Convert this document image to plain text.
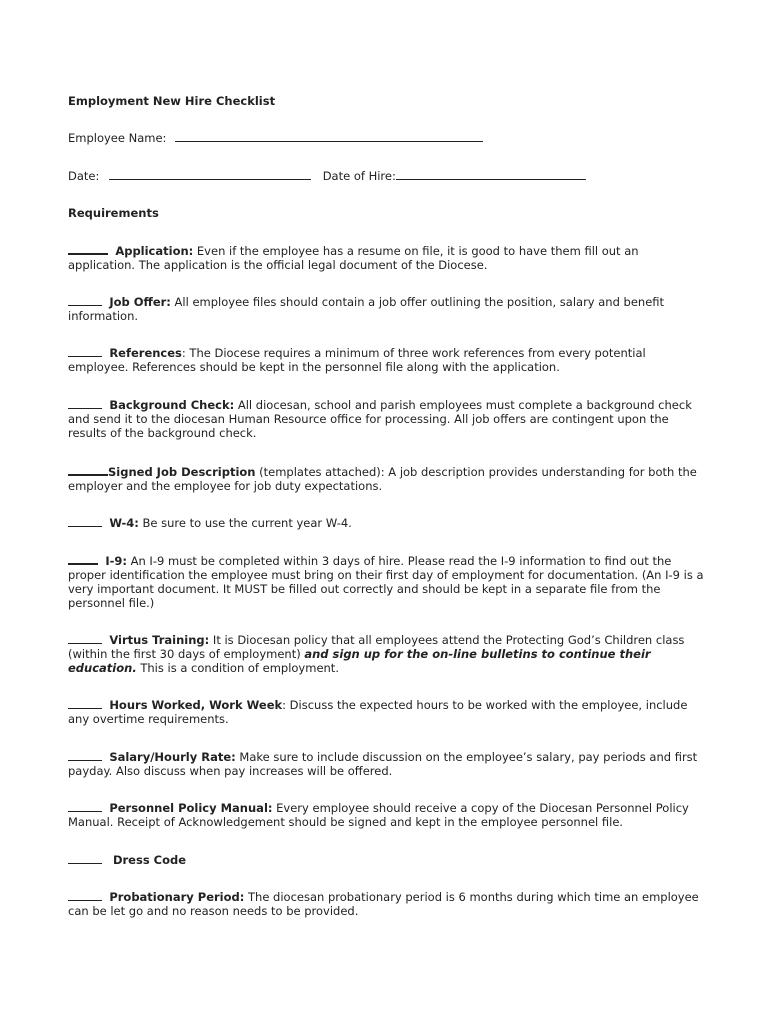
Employment New Hire Checklist
Employee Name:
Date:	Date of Hire:
Requirements

Application: Even if the employee has a resume on file, it is good to have them fill out an application. The application is the official legal document of the Diocese.

Job Offer: All employee files should contain a job offer outlining the position, salary and benefit information.

References: The Diocese requires a minimum of three work references from every potential employee. References should be kept in the personnel file along with the application.

Background Check: All diocesan, school and parish employees must complete a background check and send it to the diocesan Human Resource office for processing. All job offers are contingent upon the results of the background check.

Signed Job Description (templates attached): A job description provides understanding for both the employer and the employee for job duty expectations.

W-4: Be sure to use the current year W-4.

I-9: An I-9 must be completed within 3 days of hire. Please read the I-9 information to find out the proper identification the employee must bring on their first day of employment for documentation. (An I-9 is a very important document. It MUST be filled out correctly and should be kept in a separate file from the personnel file.)

Virtus Training: It is Diocesan policy that all employees attend the Protecting God’s Children class (within the first 30 days of employment) and sign up for the on-line bulletins to continue their education. This is a condition of employment.

Hours Worked, Work Week: Discuss the expected hours to be worked with the employee, include any overtime requirements.

Salary/Hourly Rate: Make sure to include discussion on the employee’s salary, pay periods and first payday. Also discuss when pay increases will be offered.

Personnel Policy Manual: Every employee should receive a copy of the Diocesan Personnel Policy Manual. Receipt of Acknowledgement should be signed and kept in the employee personnel file.

Dress Code

Probationary Period: The diocesan probationary period is 6 months during which time an employee can be let go and no reason needs to be provided.
